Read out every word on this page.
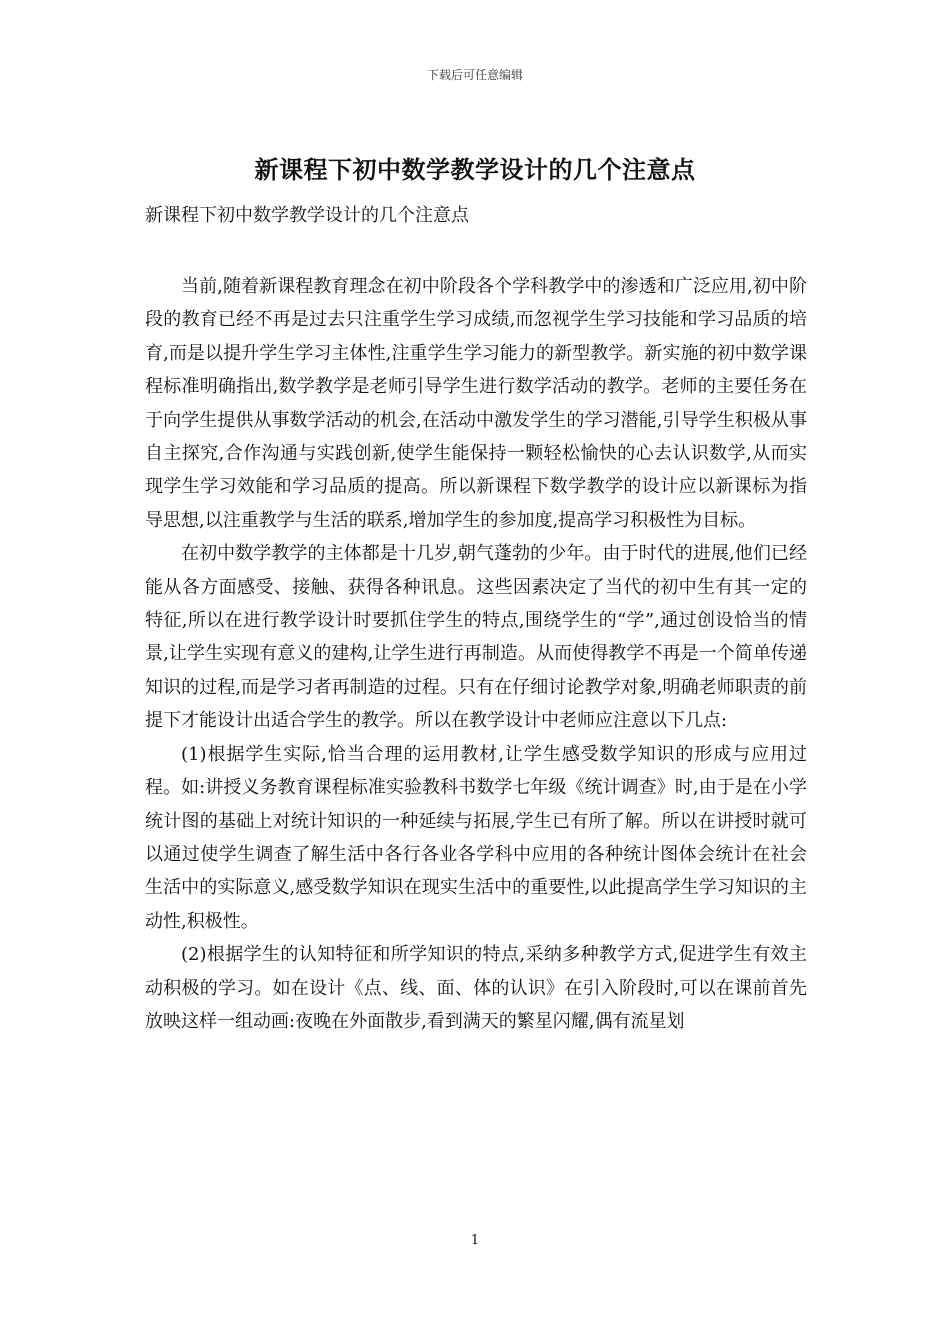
下载后可任意编辑
新课程下初中数学教学设计的几个注意点
新课程下初中数学教学设计的几个注意点

当前,随着新课程教育理念在初中阶段各个学科教学中的渗透和广泛应用,初中阶段的教育已经不再是过去只注重学生学习成绩,而忽视学生学习技能和学习品质的培育,而是以提升学生学习主体性,注重学生学习能力的新型教学。新实施的初中数学课程标准明确指出,数学教学是老师引导学生进行数学活动的教学。老师的主要任务在于向学生提供从事数学活动的机会,在活动中激发学生的学习潜能,引导学生积极从事自主探究,合作沟通与实践创新,使学生能保持一颗轻松愉快的心去认识数学,从而实现学生学习效能和学习品质的提高。所以新课程下数学教学的设计应以新课标为指导思想,以注重教学与生活的联系,增加学生的参加度,提高学习积极性为目标。

在初中数学教学的主体都是十几岁,朝气蓬勃的少年。由于时代的进展,他们已经能从各方面感受、接触、获得各种讯息。这些因素决定了当代的初中生有其一定的特征,所以在进行教学设计时要抓住学生的特点,围绕学生的“学”,通过创设恰当的情景,让学生实现有意义的建构,让学生进行再制造。从而使得教学不再是一个简单传递知识的过程,而是学习者再制造的过程。只有在仔细讨论教学对象,明确老师职责的前提下才能设计出适合学生的教学。所以在教学设计中老师应注意以下几点:

(1)根据学生实际,恰当合理的运用教材,让学生感受数学知识的形成与应用过程。如:讲授义务教育课程标准实验教科书数学七年级《统计调查》时,由于是在小学统计图的基础上对统计知识的一种延续与拓展,学生已有所了解。所以在讲授时就可以通过使学生调查了解生活中各行各业各学科中应用的各种统计图体会统计在社会生活中的实际意义,感受数学知识在现实生活中的重要性,以此提高学生学习知识的主动性,积极性。

(2)根据学生的认知特征和所学知识的特点,采纳多种教学方式,促进学生有效主动积极的学习。如在设计《点、线、面、体的认识》在引入阶段时,可以在课前首先放映这样一组动画:夜晚在外面散步,看到满天的繁星闪耀,偶有流星划

1
